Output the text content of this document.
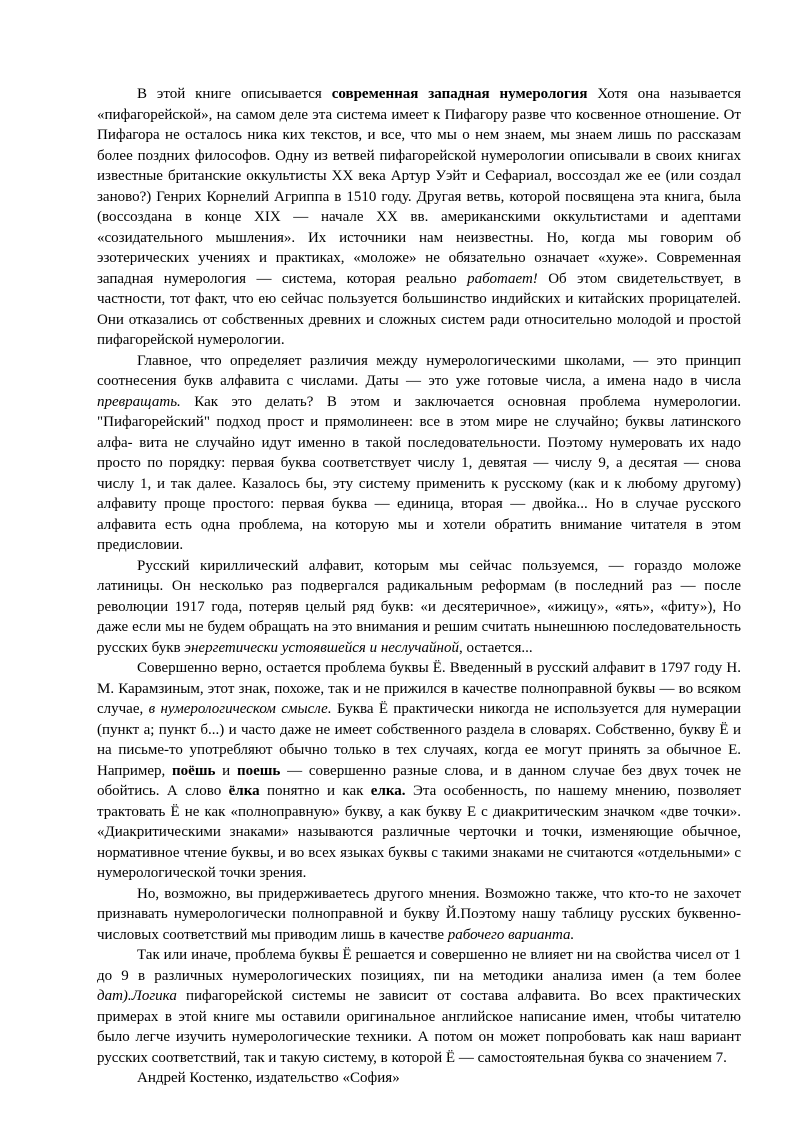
В этой книге описывается современная западная нумерология Хотя она называется «пифагорейской», на самом деле эта система имеет к Пифагору разве что косвенное отношение. От Пифагора не осталось ника ких текстов, и все, что мы о нем знаем, мы знаем лишь по рассказам более поздних философов. Одну из ветвей пифагорейской нумерологии описывали в своих книгах известные британские оккультисты XX века Артур Уэйт и Сефариал, воссоздал же ее (или создал заново?) Генрих Корнелий Агриппа в 1510 году. Другая ветвь, которой посвящена эта книга, была (воссоздана в конце XIX — начале XX вв. американскими оккультистами и адептами «созидательного мышления». Их источники нам неизвестны. Но, когда мы говорим об эзотерических учениях и практиках, «моложе» не обязательно означает «хуже». Современная западная нумерология — система, которая реально работает! Об этом свидетельствует, в частности, тот факт, что ею сейчас пользуется большинство индийских и китайских прорицателей. Они отказались от собственных древних и сложных систем ради относительно молодой и простой пифагорейской нумерологии.

Главное, что определяет различия между нумерологическими школами, — это принцип соотнесения букв алфавита с числами. Даты — это уже готовые числа, а имена надо в числа превращать. Как это делать? В этом и заключается основная проблема нумерологии. "Пифагорейский" подход прост и прямолинеен: все в этом мире не случайно; буквы латинского алфа- вита не случайно идут именно в такой последовательности. Поэтому нумеровать их надо просто по порядку: первая буква соответствует числу 1, девятая — числу 9, а десятая — снова числу 1, и так далее. Казалось бы, эту систему применить к русскому (как и к любому другому) алфавиту проще простого: первая буква — единица, вторая — двойка... Но в случае русского алфавита есть одна проблема, на которую мы и хотели обратить внимание читателя в этом предисловии.

Русский кириллический алфавит, которым мы сейчас пользуемся, — гораздо моложе латиницы. Он несколько раз подвергался радикальным реформам (в последний раз — после революции 1917 года, потеряв целый ряд букв: «и десятеричное», «ижицу», «ять», «фиту»), Но даже если мы не будем обращать на это внимания и решим считать нынешнюю последовательность русских букв энергетически устоявшейся и неслучайной, остается...

Совершенно верно, остается проблема буквы Ё. Введенный в русский алфавит в 1797 году Н. М. Карамзиным, этот знак, похоже, так и не прижился в качестве полноправной буквы — во всяком случае, в нумерологическом смысле. Буква Ё практически никогда не используется для нумерации (пункт а; пункт б...) и часто даже не имеет собственного раздела в словарях. Собственно, букву Ё и на письме-то употребляют обычно только в тех случаях, когда ее могут принять за обычное Е. Например, поёшь и поешь — совершенно разные слова, и в данном случае без двух точек не обойтись. А слово ёлка понятно и как елка. Эта особенность, по нашему мнению, позволяет трактовать Ё не как «полноправную» букву, а как букву Е с диакритическим значком «две точки». «Диакритическими знаками» называются различные черточки и точки, изменяющие обычное, нормативное чтение буквы, и во всех языках буквы с такими знаками не считаются «отдельными» с нумерологической точки зрения.

Но, возможно, вы придерживаетесь другого мнения. Возможно также, что кто-то не захочет признавать нумерологически полноправной и букву Й.Поэтому нашу таблицу русских буквенно-числовых соответствий мы приводим лишь в качестве рабочего варианта.

Так или иначе, проблема буквы Ё решается и совершенно не влияет ни на свойства чисел от 1 до 9 в различных нумерологических позициях, пи на методики анализа имен (а тем более дат).Логика пифагорейской системы не зависит от состава алфавита. Во всех практических примерах в этой книге мы оставили оригинальное английское написание имен, чтобы читателю было легче изучить нумерологические техники. А потом он может попробовать как наш вариант русских соответствий, так и такую систему, в которой Ё — самостоятельная буква со значением 7.

Андрей Костенко, издательство «София»
